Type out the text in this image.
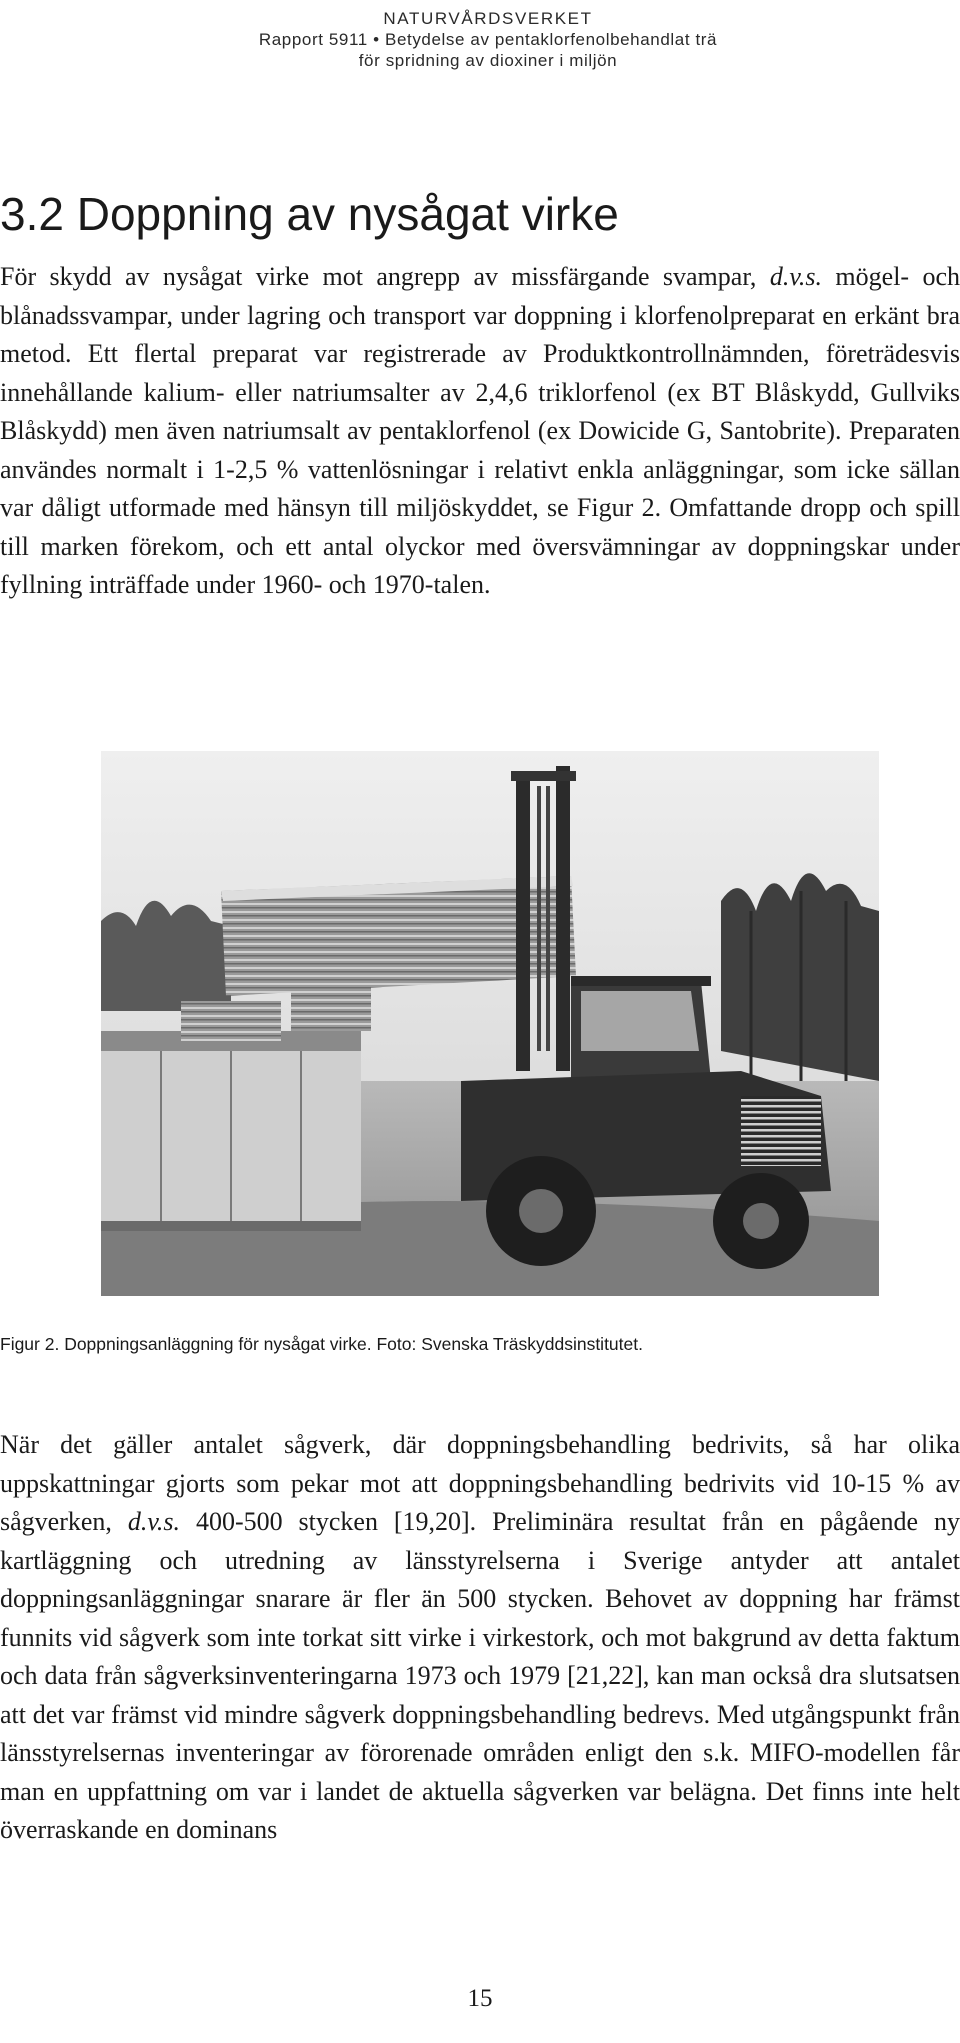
NATURVÅRDSVERKET
Rapport 5911 • Betydelse av pentaklorfenolbehandlat trä
för spridning av dioxiner i miljön
3.2 Doppning av nysågat virke

För skydd av nysågat virke mot angrepp av missfärgande svampar, d.v.s. mögel- och blånadssvampar, under lagring och transport var doppning i klorfenolpreparat en erkänt bra metod. Ett flertal preparat var registrerade av Produktkontrollnämnden, företrädesvis innehållande kalium- eller natriumsalter av 2,4,6 triklorfenol (ex BT Blåskydd, Gullviks Blåskydd) men även natriumsalt av pentaklorfenol (ex Dowicide G, Santobrite). Preparaten användes normalt i 1-2,5 % vattenlösningar i relativt enkla anläggningar, som icke sällan var dåligt utformade med hänsyn till miljöskyddet, se Figur 2. Omfattande dropp och spill till marken förekom, och ett antal olyckor med översvämningar av doppningskar under fyllning inträffade under 1960- och 1970-talen.

Figur 2. Doppningsanläggning för nysågat virke. Foto: Svenska Träskyddsinstitutet.

När det gäller antalet sågverk, där doppningsbehandling bedrivits, så har olika uppskattningar gjorts som pekar mot att doppningsbehandling bedrivits vid 10-15 % av sågverken, d.v.s. 400-500 stycken [19,20]. Preliminära resultat från en pågående ny kartläggning och utredning av länsstyrelserna i Sverige antyder att antalet doppningsanläggningar snarare är fler än 500 stycken. Behovet av doppning har främst funnits vid sågverk som inte torkat sitt virke i virkestork, och mot bakgrund av detta faktum och data från sågverksinventeringarna 1973 och 1979 [21,22], kan man också dra slutsatsen att det var främst vid mindre sågverk doppningsbehandling bedrevs. Med utgångspunkt från länsstyrelsernas inventeringar av förorenade områden enligt den s.k. MIFO-modellen får man en uppfattning om var i landet de aktuella sågverken var belägna. Det finns inte helt överraskande en dominans

15
